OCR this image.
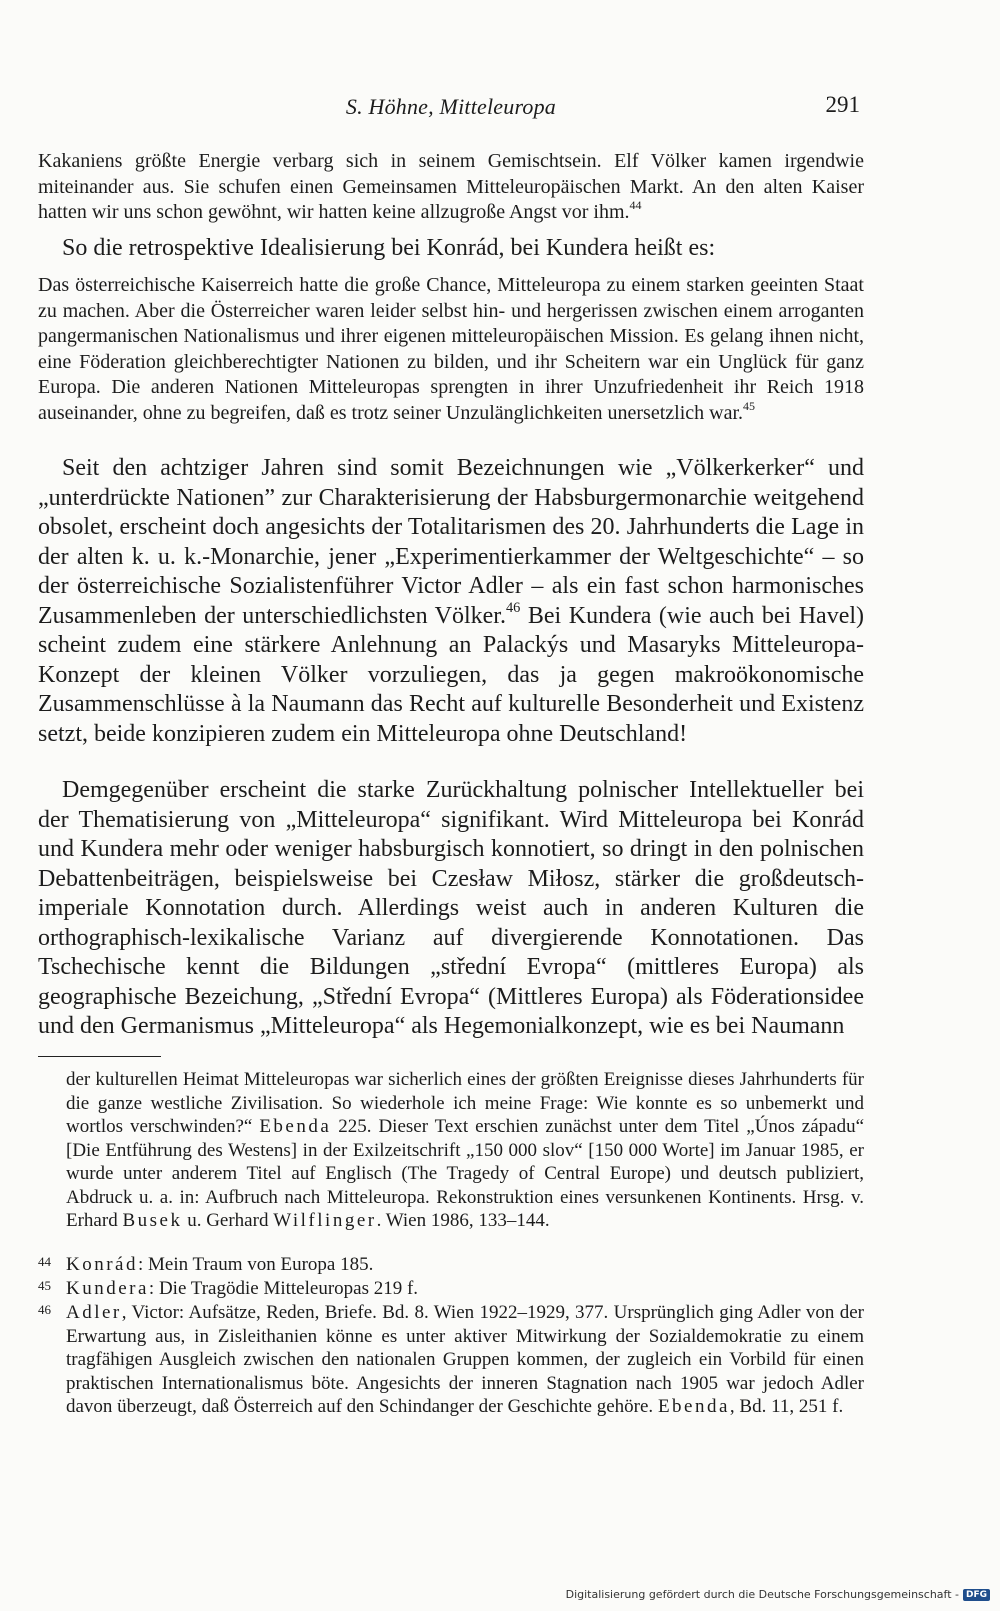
S. Höhne, Mitteleuropa	291
Kakaniens größte Energie verbarg sich in seinem Gemischtsein. Elf Völker kamen irgendwie miteinander aus. Sie schufen einen Gemeinsamen Mitteleuropäischen Markt. An den alten Kaiser hatten wir uns schon gewöhnt, wir hatten keine allzugroße Angst vor ihm.$^{44}$
So die retrospektive Idealisierung bei Konrád, bei Kundera heißt es:
Das österreichische Kaiserreich hatte die große Chance, Mitteleuropa zu einem starken geeinten Staat zu machen. Aber die Österreicher waren leider selbst hin- und hergerissen zwischen einem arroganten pangermanischen Nationalismus und ihrer eigenen mitteleuropäischen Mission. Es gelang ihnen nicht, eine Föderation gleichberechtigter Nationen zu bilden, und ihr Scheitern war ein Unglück für ganz Europa. Die anderen Nationen Mitteleuropas sprengten in ihrer Unzufriedenheit ihr Reich 1918 auseinander, ohne zu begreifen, daß es trotz seiner Unzulänglichkeiten unersetzlich war.$^{45}$
Seit den achtziger Jahren sind somit Bezeichnungen wie „Völkerkerker“ und „unterdrückte Nationen” zur Charakterisierung der Habsburgermonarchie weitgehend obsolet, erscheint doch angesichts der Totalitarismen des 20. Jahrhunderts die Lage in der alten k. u. k.-Monarchie, jener „Experimentierkammer der Weltgeschichte“ – so der österreichische Sozialistenführer Victor Adler – als ein fast schon harmonisches Zusammenleben der unterschiedlichsten Völker.$^{46}$ Bei Kundera (wie auch bei Havel) scheint zudem eine stärkere Anlehnung an Palackýs und Masaryks Mitteleuropa-Konzept der kleinen Völker vorzuliegen, das ja gegen makroökonomische Zusammenschlüsse à la Naumann das Recht auf kulturelle Besonderheit und Existenz setzt, beide konzipieren zudem ein Mitteleuropa ohne Deutschland!
Demgegenüber erscheint die starke Zurückhaltung polnischer Intellektueller bei der Thematisierung von „Mitteleuropa“ signifikant. Wird Mitteleuropa bei Konrád und Kundera mehr oder weniger habsburgisch konnotiert, so dringt in den polnischen Debattenbeiträgen, beispielsweise bei Czesław Miłosz, stärker die großdeutsch-imperiale Konnotation durch. Allerdings weist auch in anderen Kulturen die orthographisch-lexikalische Varianz auf divergierende Konnotationen. Das Tschechische kennt die Bildungen „střední Evropa“ (mittleres Europa) als geographische Bezeichung, „Střední Evropa“ (Mittleres Europa) als Föderationsidee und den Germanismus „Mitteleuropa“ als Hegemonialkonzept, wie es bei Naumann
der kulturellen Heimat Mitteleuropas war sicherlich eines der größten Ereignisse dieses Jahrhunderts für die ganze westliche Zivilisation. So wiederhole ich meine Frage: Wie konnte es so unbemerkt und wortlos verschwinden?“ Ebenda 225. Dieser Text erschien zunächst unter dem Titel „Únos západu“ [Die Entführung des Westens] in der Exilzeitschrift „150 000 slov“ [150 000 Worte] im Januar 1985, er wurde unter anderem Titel auf Englisch (The Tragedy of Central Europe) und deutsch publiziert, Abdruck u. a. in: Aufbruch nach Mitteleuropa. Rekonstruktion eines versunkenen Kontinents. Hrsg. v. Erhard Busek u. Gerhard Wilflinger. Wien 1986, 133–144.
44 Konrád: Mein Traum von Europa 185.
45 Kundera: Die Tragödie Mitteleuropas 219 f.
46 Adler, Victor: Aufsätze, Reden, Briefe. Bd. 8. Wien 1922–1929, 377. Ursprünglich ging Adler von der Erwartung aus, in Zisleithanien könne es unter aktiver Mitwirkung der Sozialdemokratie zu einem tragfähigen Ausgleich zwischen den nationalen Gruppen kommen, der zugleich ein Vorbild für einen praktischen Internationalismus böte. Angesichts der inneren Stagnation nach 1905 war jedoch Adler davon überzeugt, daß Österreich auf den Schindanger der Geschichte gehöre. Ebenda, Bd. 11, 251 f.
Digitalisierung gefördert durch die Deutsche Forschungsgemeinschaft - DFG
